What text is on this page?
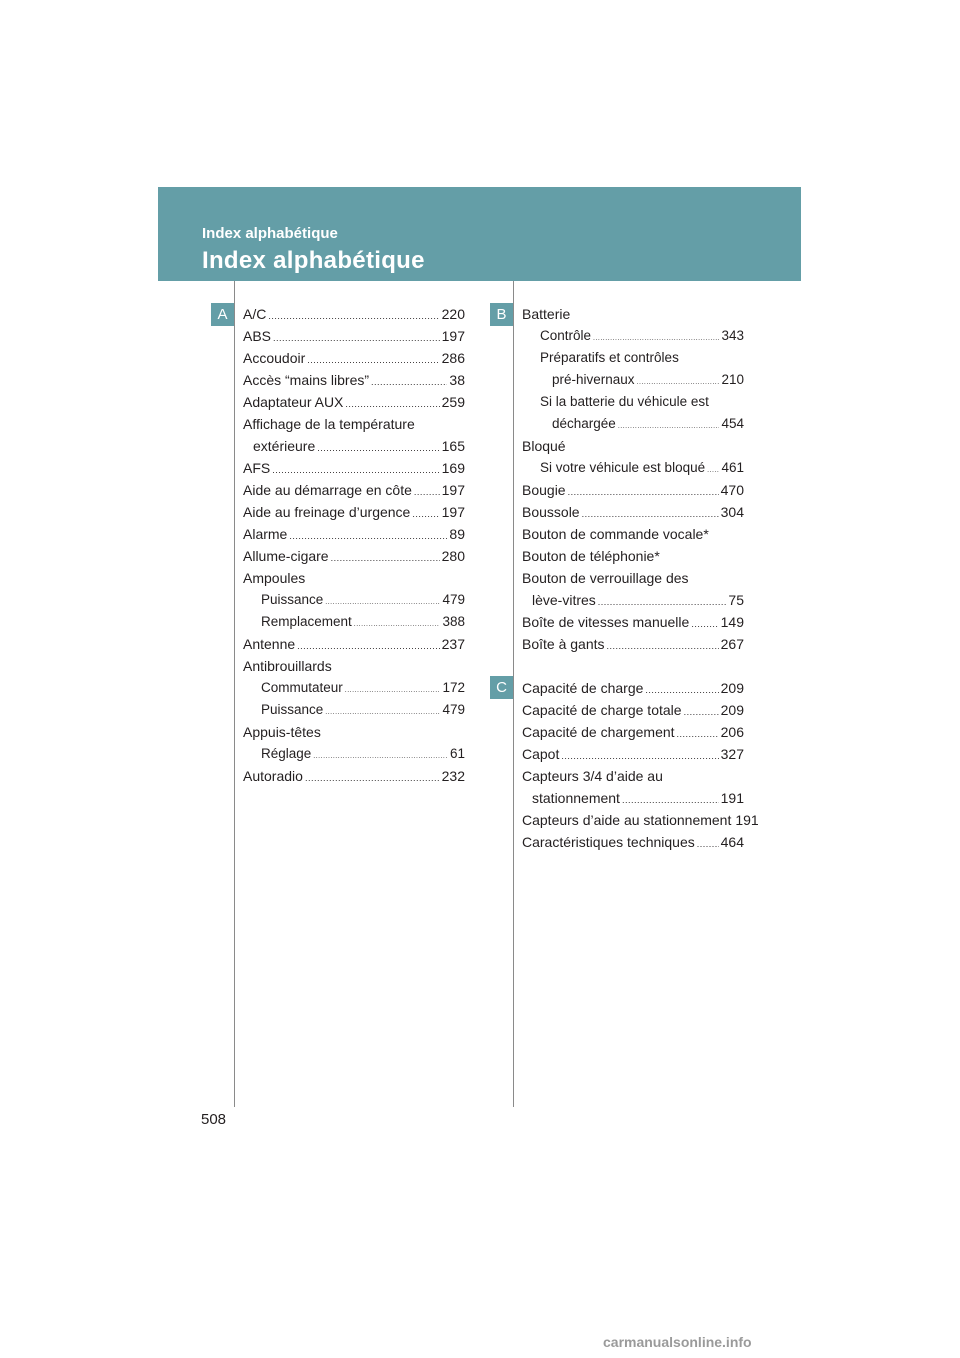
Index alphabétique
Index alphabétique
A	B
C
A/C .....	220
ABS .....	197
Accoudoir .....	286
Accès “mains libres” .....	38
Adaptateur AUX .....	259
Affichage de la température
extérieure .....	165
AFS .....	169
Aide au démarrage en côte ..... 197
Aide au freinage d’urgence ..... 197
Alarme .....	89
Allume-cigare .....	280
Ampoules
Puissance .....	479
Remplacement .....	388
Antenne .....	237
Antibrouillards
Commutateur .....	172
Puissance .....	479
Appuis-têtes
Réglage .....	61
Autoradio .....	232
Batterie
Contrôle .....	343
Préparatifs et contrôles
pré-hivernaux .....	210
Si la batterie du véhicule est
déchargée .....	454
Bloqué
Si votre véhicule est bloqué ..... 461
Bougie .....	470
Boussole .....	304
Bouton de commande vocale*
Bouton de téléphonie*
Bouton de verrouillage des
lève-vitres .....	75
Boîte de vitesses manuelle ..... 149
Boîte à gants .....	267
Capacité de charge .....	209
Capacité de charge totale .....	209
Capacité de chargement .....	206
Capot .....	327
Capteurs 3/4 d’aide au
stationnement .....	191
Capteurs d’aide au stationnement 191
Caractéristiques techniques ..... 464
508
carmanualsonline.info
